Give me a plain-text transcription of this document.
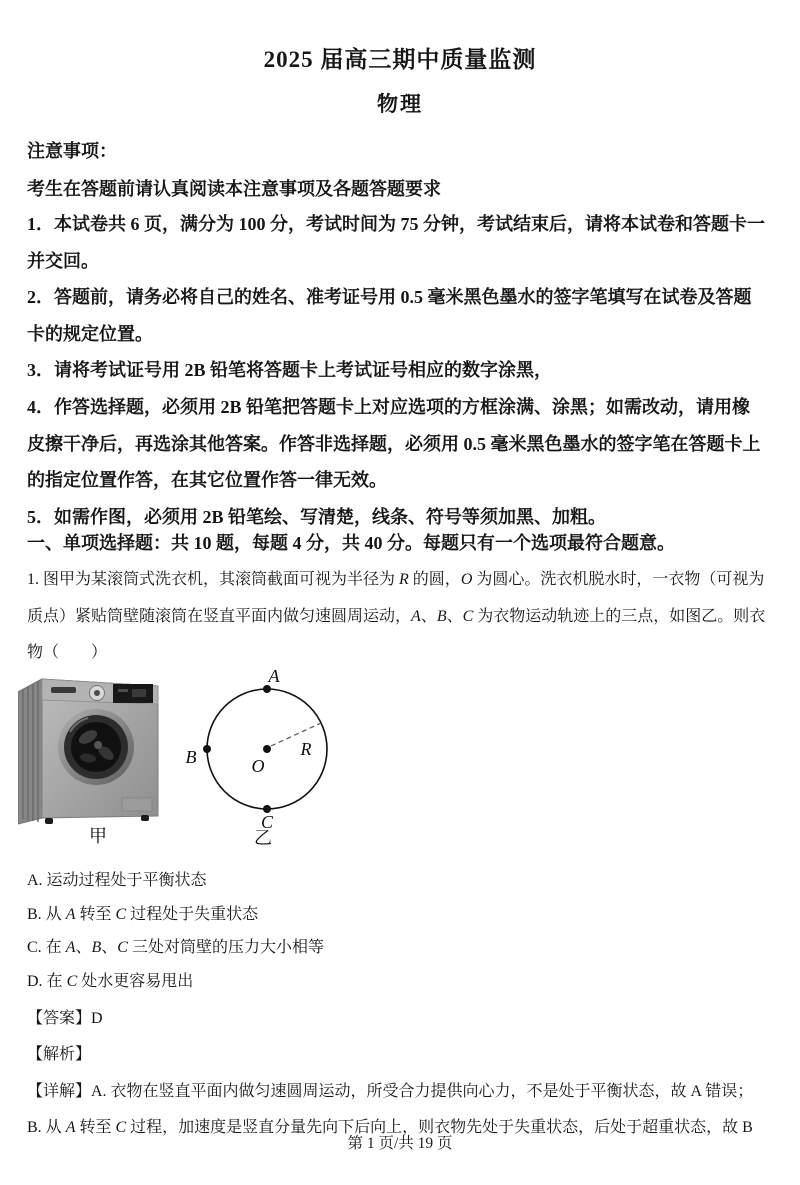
2025 届高三期中质量监测
物理
注意事项：
考生在答题前请认真阅读本注意事项及各题答题要求
1．本试卷共 6 页，满分为 100 分，考试时间为 75 分钟，考试结束后，请将本试卷和答题卡一
并交回。
2．答题前，请务必将自己的姓名、准考证号用 0.5 毫米黑色墨水的签字笔填写在试卷及答题
卡的规定位置。
3．请将考试证号用 2B 铅笔将答题卡上考试证号相应的数字涂黑，
4．作答选择题，必须用 2B 铅笔把答题卡上对应选项的方框涂满、涂黑；如需改动，请用橡
皮擦干净后，再选涂其他答案。作答非选择题，必须用 0.5 毫米黑色墨水的签字笔在答题卡上
的指定位置作答，在其它位置作答一律无效。
5．如需作图，必须用 2B 铅笔绘、写清楚，线条、符号等须加黑、加粗。
一、单项选择题：共 10 题，每题 4 分，共 40 分。每题只有一个选项最符合题意。
1. 图甲为某滚筒式洗衣机，其滚筒截面可视为半径为 R 的圆，O 为圆心。洗衣机脱水时，一衣物（可视为
质点）紧贴筒壁随滚筒在竖直平面内做匀速圆周运动，A、B、C 为衣物运动轨迹上的三点，如图乙。则衣
物（　　）
甲
A
B
C
O
R
乙
A. 运动过程处于平衡状态
B. 从 A 转至 C 过程处于失重状态
C. 在 A、B、C 三处对筒壁的压力大小相等
D. 在 C 处水更容易甩出
【答案】D
【解析】
【详解】A. 衣物在竖直平面内做匀速圆周运动，所受合力提供向心力，不是处于平衡状态，故 A 错误；
B. 从 A 转至 C 过程，加速度是竖直分量先向下后向上，则衣物先处于失重状态，后处于超重状态，故 B
第 1 页/共 19 页
